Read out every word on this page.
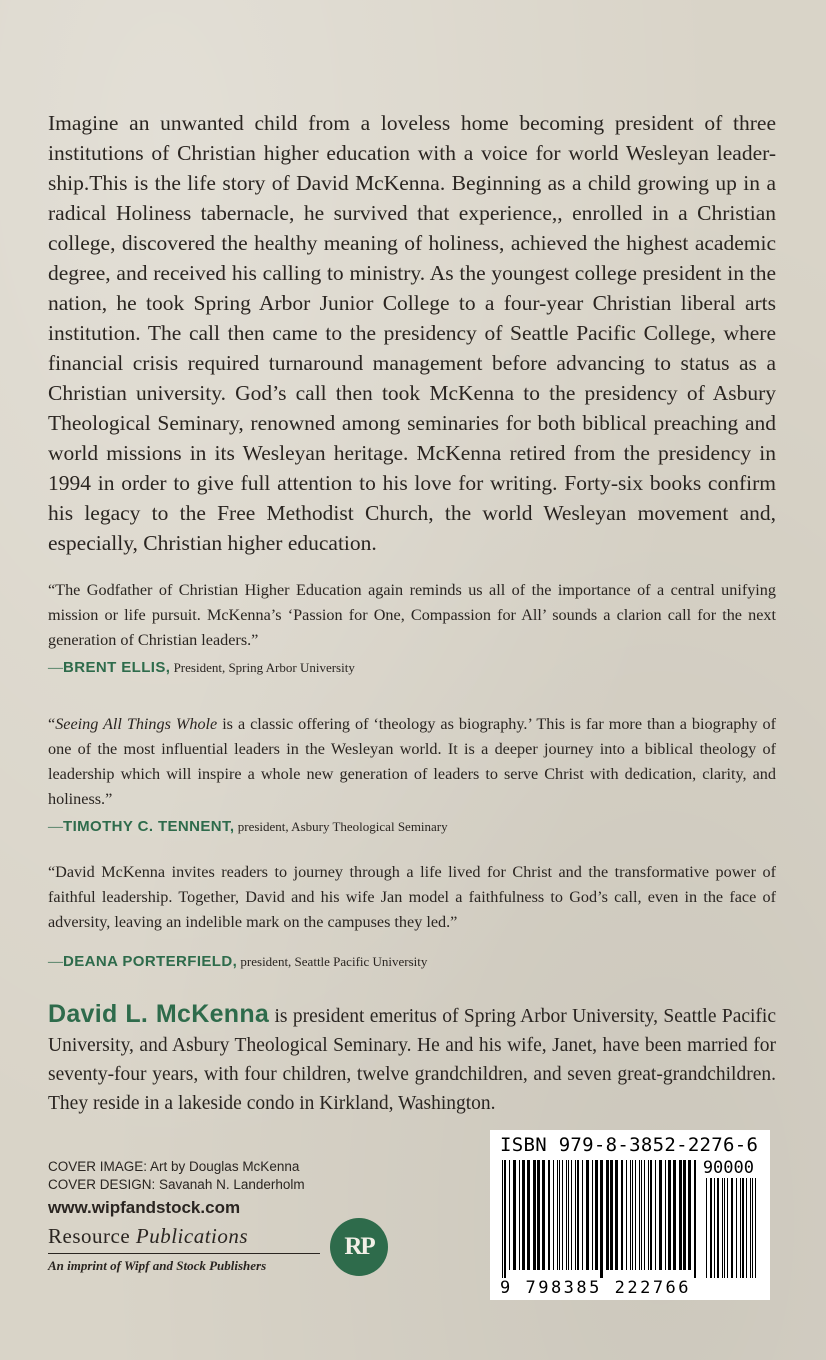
Imagine an unwanted child from a loveless home becoming president of three institutions of Christian higher education with a voice for world Wesleyan leader-ship.This is the life story of David McKenna. Beginning as a child growing up in a radical Holiness tabernacle, he survived that experience,, enrolled in a Christian college, discovered the healthy meaning of holiness, achieved the highest academic degree, and received his calling to ministry. As the youngest college president in the nation, he took Spring Arbor Junior College to a four-year Christian liberal arts institution. The call then came to the presidency of Seattle Pacific College, where financial crisis required turnaround management before advancing to status as a Christian university. God’s call then took McKenna to the presidency of Asbury Theological Seminary, renowned among seminaries for both biblical preaching and world missions in its Wesleyan heritage. McKenna retired from the presidency in 1994 in order to give full attention to his love for writing. Forty-six books confirm his legacy to the Free Methodist Church, the world Wesleyan movement and, especially, Christian higher education.

“The Godfather of Christian Higher Education again reminds us all of the importance of a central unifying mission or life pursuit. McKenna’s ‘Passion for One, Compassion for All’ sounds a clarion call for the next generation of Christian leaders.”

—BRENT ELLIS, President, Spring Arbor University

“Seeing All Things Whole is a classic offering of ‘theology as biography.’ This is far more than a biography of one of the most influential leaders in the Wesleyan world. It is a deeper journey into a biblical theology of leadership which will inspire a whole new generation of leaders to serve Christ with dedication, clarity, and holiness.”

—TIMOTHY C. TENNENT, president, Asbury Theological Seminary

“David McKenna invites readers to journey through a life lived for Christ and the transformative power of faithful leadership. Together, David and his wife Jan model a faithfulness to God’s call, even in the face of adversity, leaving an indelible mark on the campuses they led.”

—DEANA PORTERFIELD, president, Seattle Pacific University

David L. McKenna is president emeritus of Spring Arbor University, Seattle Pacific University, and Asbury Theological Seminary. He and his wife, Janet, have been married for seventy-four years, with four children, twelve grandchildren, and seven great-grandchildren. They reside in a lakeside condo in Kirkland, Washington.

COVER IMAGE: Art by Douglas McKenna
COVER DESIGN: Savanah N. Landerholm
www.wipfandstock.com
Resource Publications
An imprint of Wipf and Stock Publishers
RP
ISBN 979-8-3852-2276-6
90000
9 798385 222766
